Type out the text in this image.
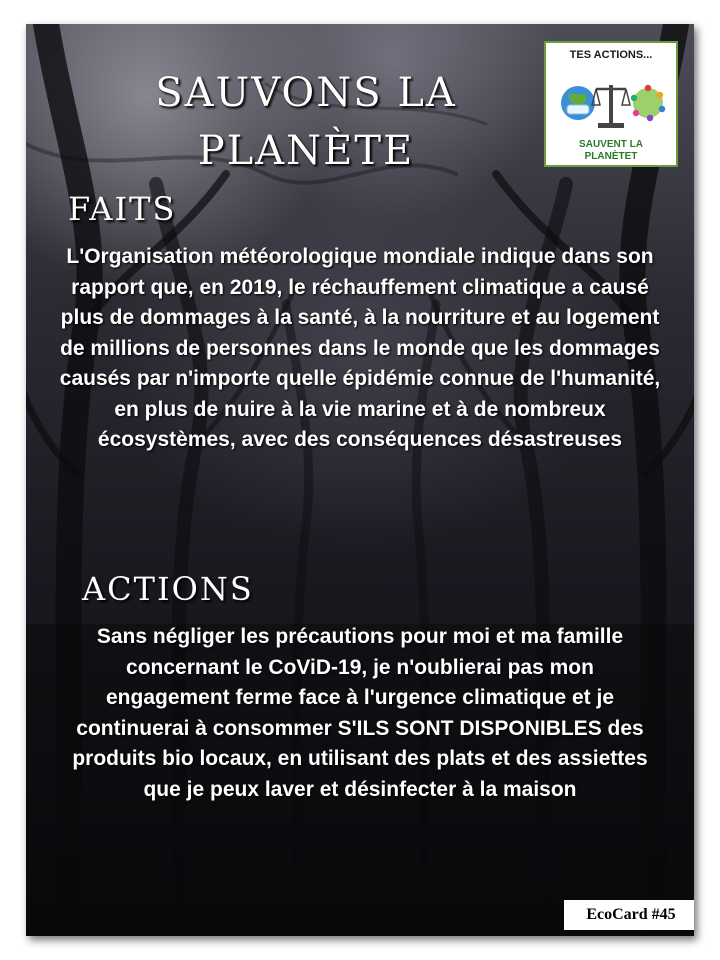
SAUVONS LA PLANÈTE
TES ACTIONS...
SAUVENT LA
PLANÈTET
FAITS
L'Organisation météorologique mondiale indique dans son rapport que, en 2019, le réchauffement climatique a causé plus de dommages à la santé, à la nourriture et au logement de millions de personnes dans le monde que les dommages causés par n'importe quelle épidémie connue de l'humanité, en plus de nuire à la vie marine et à de nombreux écosystèmes, avec des conséquences désastreuses
ACTIONS
Sans négliger les précautions pour moi et ma famille concernant le CoViD-19, je n'oublierai pas mon engagement ferme face à l'urgence climatique et je continuerai à consommer S'ILS SONT DISPONIBLES des produits bio locaux, en utilisant des plats et des assiettes que je peux laver et désinfecter à la maison
EcoCard #45
